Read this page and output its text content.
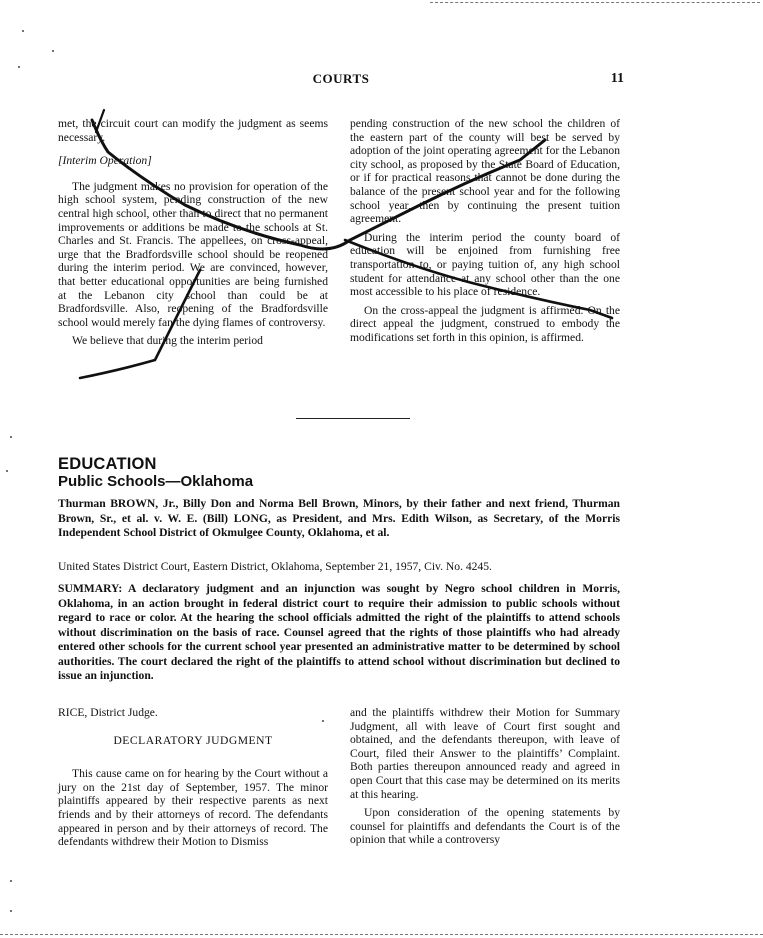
COURTS	11

met, the circuit court can modify the judgment as seems necessary.

[Interim Operation]

The judgment makes no provision for operation of the high school system, pending construction of the new central high school, other than to direct that no permanent improvements or additions be made to the schools at St. Charles and St. Francis. The appellees, on cross-appeal, urge that the Bradfordsville school should be reopened during the interim period. We are convinced, however, that better educational opportunities are being furnished at the Lebanon city school than could be at Bradfordsville. Also, reopening of the Bradfordsville school would merely fan the dying flames of controversy.

We believe that during the interim period

pending construction of the new school the children of the eastern part of the county will best be served by adoption of the joint operating agreement for the Lebanon city school, as proposed by the State Board of Education, or if for practical reasons that cannot be done during the balance of the present school year and for the following school year, then by continuing the present tuition agreement.

During the interim period the county board of education will be enjoined from furnishing free transportation to, or paying tuition of, any high school student for attendance at any school other than the one most accessible to his place of residence.

On the cross-appeal the judgment is affirmed. On the direct appeal the judgment, construed to embody the modifications set forth in this opinion, is affirmed.

EDUCATION
Public Schools—Oklahoma
Thurman BROWN, Jr., Billy Don and Norma Bell Brown, Minors, by their father and next friend, Thurman Brown, Sr., et al. v. W. E. (Bill) LONG, as President, and Mrs. Edith Wilson, as Secretary, of the Morris Independent School District of Okmulgee County, Oklahoma, et al.
United States District Court, Eastern District, Oklahoma, September 21, 1957, Civ. No. 4245.
SUMMARY: A declaratory judgment and an injunction was sought by Negro school children in Morris, Oklahoma, in an action brought in federal district court to require their admission to public schools without regard to race or color. At the hearing the school officials admitted the right of the plaintiffs to attend schools without discrimination on the basis of race. Counsel agreed that the rights of those plaintiffs who had already entered other schools for the current school year presented an administrative matter to be determined by school authorities. The court declared the right of the plaintiffs to attend school without discrimination but declined to issue an injunction.

RICE, District Judge.

DECLARATORY JUDGMENT

This cause came on for hearing by the Court without a jury on the 21st day of September, 1957. The minor plaintiffs appeared by their respective parents as next friends and by their attorneys of record. The defendants appeared in person and by their attorneys of record. The defendants withdrew their Motion to Dismiss

and the plaintiffs withdrew their Motion for Summary Judgment, all with leave of Court first sought and obtained, and the defendants thereupon, with leave of Court, filed their Answer to the plaintiffs’ Complaint. Both parties thereupon announced ready and agreed in open Court that this case may be determined on its merits at this hearing.

Upon consideration of the opening statements by counsel for plaintiffs and defendants the Court is of the opinion that while a controversy
